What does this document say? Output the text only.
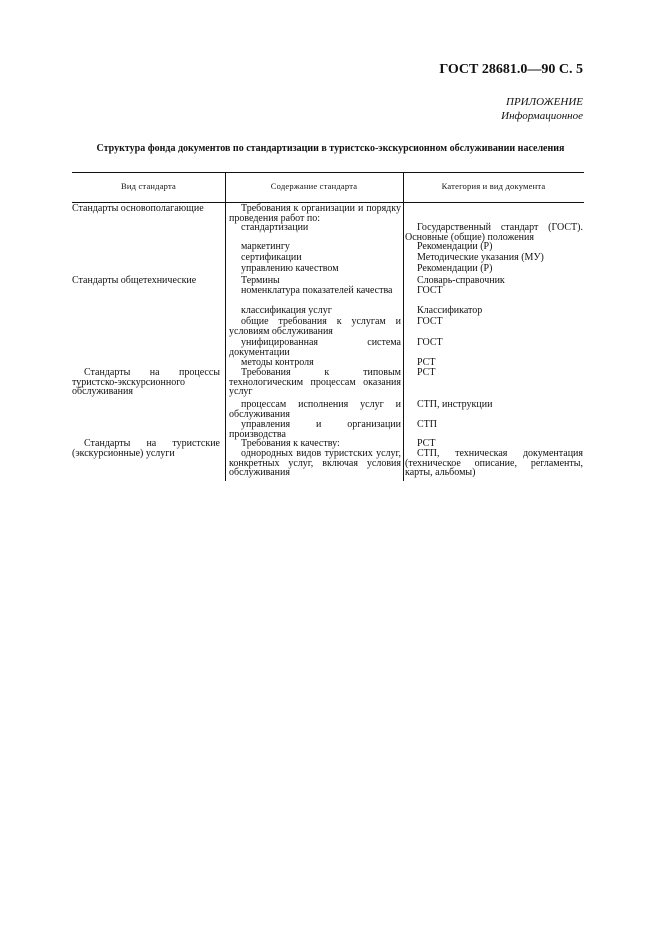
ГОСТ 28681.0—90 С. 5
ПРИЛОЖЕНИЕ
Информационное
Структура фонда документов по стандартизации в туристско-экскурсионном обслуживании населения
Вид стандарта	Содержание стандарта	Категория и вид документа
Стандарты основополагающие
Стандарты общетехнические
Стандарты на процессы туристско-экскурсионного обслуживания
Стандарты на туристские (экскурсионные) услуги
Требования к организации и порядку проведения работ по:
стандартизации
маркетингу
сертификации
управлению качеством
Термины
номенклатура показателей качества
классификация услуг
общие требования к услугам и условиям обслуживания
унифицированная система документации
методы контроля
Требования к типовым технологическим процессам оказания услуг
процессам исполнения услуг и обслуживания
управления и организации производства
Требования к качеству:
однородных видов туристских услуг, конкретных услуг, включая условия обслуживания
Государственный стандарт (ГОСТ). Основные (общие) положения
Рекомендации (Р)
Методические указания (МУ)
Рекомендации (Р)
Словарь-справочник
ГОСТ
Классификатор
ГОСТ
ГОСТ
РСТ
РСТ
СТП, инструкции
СТП
РСТ
СТП, техническая документация (техническое описание, регламенты, карты, альбомы)
